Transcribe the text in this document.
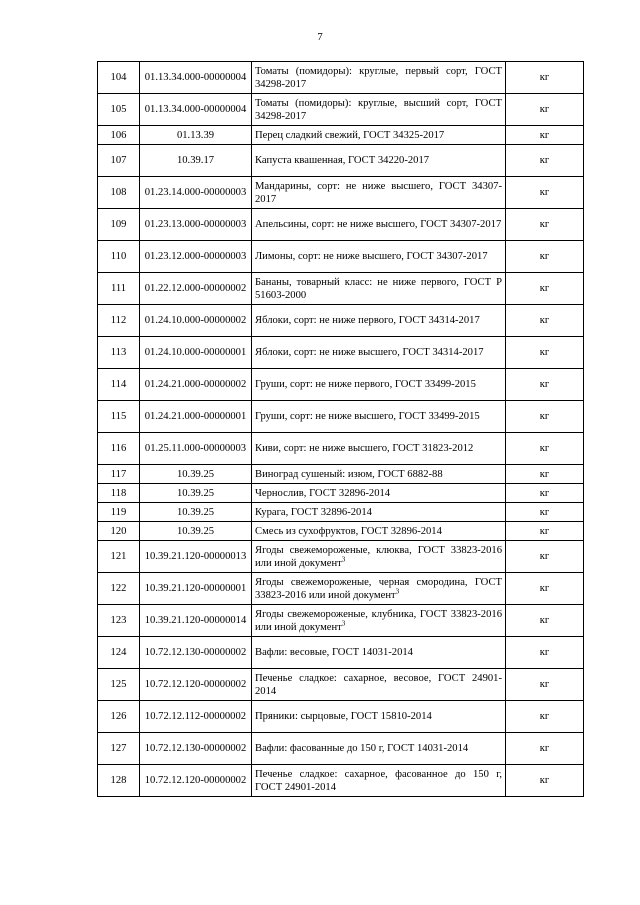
7
104	01.13.34.000-00000004	Томаты (помидоры): круглые, первый сорт, ГОСТ 34298-2017	кг
105	01.13.34.000-00000004	Томаты (помидоры): круглые, высший сорт, ГОСТ 34298-2017	кг
106	01.13.39	Перец сладкий свежий, ГОСТ 34325-2017	кг
107	10.39.17	Капуста квашенная, ГОСТ 34220-2017	кг
108	01.23.14.000-00000003	Мандарины, сорт: не ниже высшего, ГОСТ 34307-2017	кг
109	01.23.13.000-00000003	Апельсины, сорт: не ниже высшего, ГОСТ 34307-2017	кг
110	01.23.12.000-00000003	Лимоны, сорт: не ниже высшего, ГОСТ 34307-2017	кг
111	01.22.12.000-00000002	Бананы, товарный класс: не ниже первого, ГОСТ Р 51603-2000	кг
112	01.24.10.000-00000002	Яблоки, сорт: не ниже первого, ГОСТ 34314-2017	кг
113	01.24.10.000-00000001	Яблоки, сорт: не ниже высшего, ГОСТ 34314-2017	кг
114	01.24.21.000-00000002	Груши, сорт: не ниже первого, ГОСТ 33499-2015	кг
115	01.24.21.000-00000001	Груши, сорт: не ниже высшего, ГОСТ 33499-2015	кг
116	01.25.11.000-00000003	Киви, сорт: не ниже высшего, ГОСТ 31823-2012	кг
117	10.39.25	Виноград сушеный: изюм, ГОСТ 6882-88	кг
118	10.39.25	Чернослив, ГОСТ 32896-2014	кг
119	10.39.25	Курага, ГОСТ 32896-2014	кг
120	10.39.25	Смесь из сухофруктов, ГОСТ 32896-2014	кг
121	10.39.21.120-00000013	Ягоды свежемороженые, клюква, ГОСТ 33823-2016 или иной документ$^3$	кг
122	10.39.21.120-00000001	Ягоды свежемороженые, черная смородина, ГОСТ 33823-2016 или иной документ$^3$	кг
123	10.39.21.120-00000014	Ягоды свежемороженые, клубника, ГОСТ 33823-2016 или иной документ$^3$	кг
124	10.72.12.130-00000002	Вафли: весовые, ГОСТ 14031-2014	кг
125	10.72.12.120-00000002	Печенье сладкое: сахарное, весовое, ГОСТ 24901-2014	кг
126	10.72.12.112-00000002	Пряники: сырцовые, ГОСТ 15810-2014	кг
127	10.72.12.130-00000002	Вафли: фасованные до 150 г, ГОСТ 14031-2014	кг
128	10.72.12.120-00000002	Печенье сладкое: сахарное, фасованное до 150 г, ГОСТ 24901-2014	кг
